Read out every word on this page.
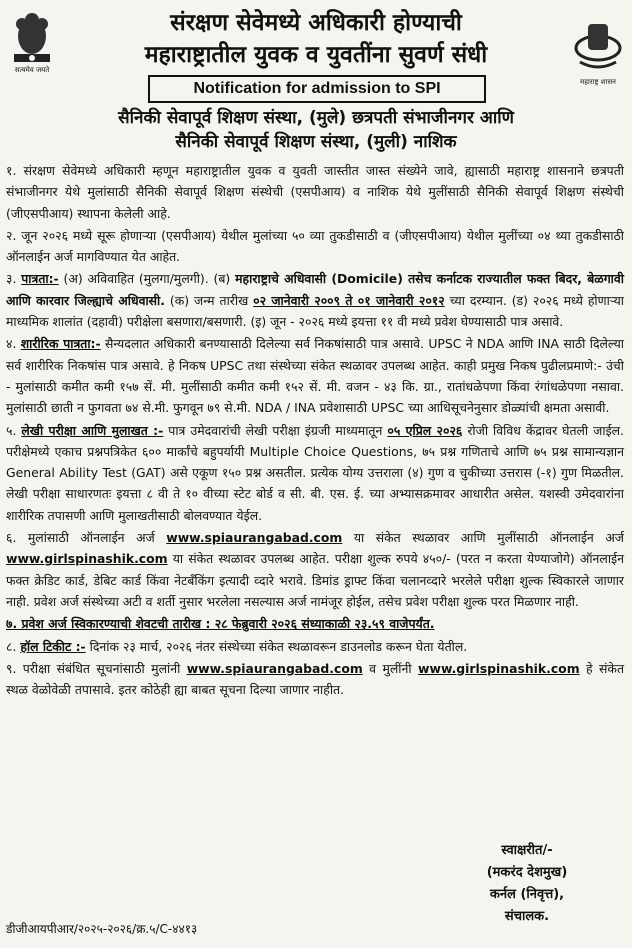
सत्यमेव जयते
महाराष्ट्र शासन
संरक्षण सेवेमध्ये अधिकारी होण्याची
महाराष्ट्रातील युवक व युवतींना सुवर्ण संधी
Notification for admission to SPI
सैनिकी सेवापूर्व शिक्षण संस्था, (मुले) छत्रपती संभाजीनगर आणि
सैनिकी सेवापूर्व शिक्षण संस्था, (मुली) नाशिक

१. संरक्षण सेवेमध्ये अधिकारी म्हणून महाराष्ट्रातील युवक व युवती जास्तीत जास्त संख्येने जावे, ह्यासाठी महाराष्ट्र शासनाने छत्रपती संभाजीनगर येथे मुलांसाठी सैनिकी सेवापूर्व शिक्षण संस्थेची (एसपीआय) व नाशिक येथे मुलींसाठी सैनिकी सेवापूर्व शिक्षण संस्थेची (जीएसपीआय) स्थापना केलेली आहे.

२. जून २०२६ मध्ये सूरू होणाऱ्या (एसपीआय) येथील मुलांच्या ५० व्या तुकडीसाठी व (जीएसपीआय) येथील मुलींच्या ०४ थ्या तुकडीसाठी ऑनलाईन अर्ज मागविण्यात येत आहेत.

३. पात्रता:- (अ) अविवाहित (मुलगा/मुलगी). (ब) महाराष्ट्राचे अधिवासी (Domicile) तसेच कर्नाटक राज्यातील फक्त बिदर, बेळगावी आणि कारवार जिल्ह्याचे अधिवासी. (क) जन्म तारीख ०२ जानेवारी २००९ ते ०१ जानेवारी २०१२ च्या दरम्यान. (ड) २०२६ मध्ये होणाऱ्या माध्यमिक शालांत (दहावी) परीक्षेला बसणारा/बसणारी. (इ) जून - २०२६ मध्ये इयत्ता ११ वी मध्ये प्रवेश घेण्यासाठी पात्र असावे.

४. शारीरिक पात्रता:- सैन्यदलात अधिकारी बनण्यासाठी दिलेल्या सर्व निकषांसाठी पात्र असावे. UPSC ने NDA आणि INA साठी दिलेल्या सर्व शारीरिक निकषांस पात्र असावे. हे निकष UPSC तथा संस्थेच्या संकेत स्थळावर उपलब्ध आहेत. काही प्रमुख निकष पुढीलप्रमाणे:- उंची - मुलांसाठी कमीत कमी १५७ सें. मी. मुलींसाठी कमीत कमी १५२ सें. मी. वजन - ४३ कि. ग्रा., रातांधळेपणा किंवा रंगांधळेपणा नसावा. मुलांसाठी छाती न फुगवता ७४ से.मी. फुगवून ७९ से.मी. NDA / INA प्रवेशासाठी UPSC च्या आधिसूचनेनुसार डोळ्यांची क्षमता असावी.

५. लेखी परीक्षा आणि मुलाखत :- पात्र उमेदवारांची लेखी परीक्षा इंग्रजी माध्यमातून ०५ एप्रिल २०२६ रोजी विविध केंद्रावर घेतली जाईल. परीक्षेमध्ये एकाच प्रश्नपत्रिकेत ६०० मार्कांचे बहुपर्यायी Multiple Choice Questions, ७५ प्रश्न गणिताचे आणि ७५ प्रश्न सामान्यज्ञान General Ability Test (GAT) असे एकूण १५० प्रश्न असतील. प्रत्येक योग्य उत्तराला (४) गुण व चुकीच्या उत्तरास (-१) गुण मिळतील. लेखी परीक्षा साधारणतः इयत्ता ८ वी ते १० वीच्या स्टेट बोर्ड व सी. बी. एस. ई. च्या अभ्यासक्रमावर आधारीत असेल. यशस्वी उमेदवारांना शारीरिक तपासणी आणि मुलाखतीसाठी बोलवण्यात येईल.

६. मुलांसाठी ऑनलाईन अर्ज www.spiaurangabad.com या संकेत स्थळावर आणि मुलींसाठी ऑनलाईन अर्ज www.girlspinashik.com या संकेत स्थळावर उपलब्ध आहेत. परीक्षा शुल्क रुपये ४५०/- (परत न करता येण्याजोगे) ऑनलाईन फक्त क्रेडिट कार्ड, डेबिट कार्ड किंवा नेटबँकिंग इत्यादी व्दारे भरावे. डिमांड ड्राफ्ट किंवा चलानव्दारे भरलेले परीक्षा शुल्क स्विकारले जाणार नाही. प्रवेश अर्ज संस्थेच्या अटी व शर्ती नुसार भरलेला नसल्यास अर्ज नामंजूर होईल, तसेच प्रवेश परीक्षा शुल्क परत मिळणार नाही.

७. प्रवेश अर्ज स्विकारण्याची शेवटची तारीख : २८ फेब्रुवारी २०२६ संध्याकाळी २३.५९ वाजेपर्यंत.

८. हॉल टिकीट :- दिनांक २३ मार्च, २०२६ नंतर संस्थेच्या संकेत स्थळावरून डाउनलोड करून घेता येतील.

९. परीक्षा संबंधित सूचनांसाठी मुलांनी www.spiaurangabad.com व मुलींनी www.girlspinashik.com हे संकेत स्थळ वेळोवेळी तपासावे. इतर कोठेही ह्या बाबत सूचना दिल्या जाणार नाहीत.

स्वाक्षरीत/-
(मकरंद देशमुख)
कर्नल (निवृत्त),
संचालक.
डीजीआयपीआर/२०२५-२०२६/क्र.५/C-४४१३
